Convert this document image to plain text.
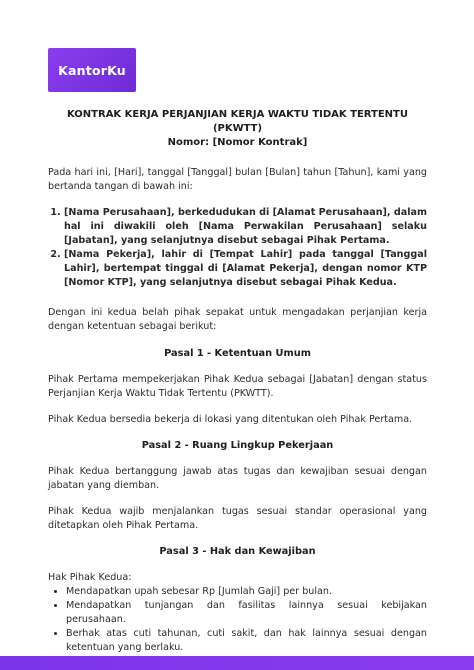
KantorKu
KONTRAK KERJA PERJANJIAN KERJA WAKTU TIDAK TERTENTU (PKWTT)
Nomor: [Nomor Kontrak]

Pada hari ini, [Hari], tanggal [Tanggal] bulan [Bulan] tahun [Tahun], kami yang bertanda tangan di bawah ini:

1. [Nama Perusahaan], berkedudukan di [Alamat Perusahaan], dalam hal ini diwakili oleh [Nama Perwakilan Perusahaan] selaku [Jabatan], yang selanjutnya disebut sebagai Pihak Pertama.
2. [Nama Pekerja], lahir di [Tempat Lahir] pada tanggal [Tanggal Lahir], bertempat tinggal di [Alamat Pekerja], dengan nomor KTP [Nomor KTP], yang selanjutnya disebut sebagai Pihak Kedua.

Dengan ini kedua belah pihak sepakat untuk mengadakan perjanjian kerja dengan ketentuan sebagai berikut:

Pasal 1 - Ketentuan Umum

Pihak Pertama mempekerjakan Pihak Kedua sebagai [Jabatan] dengan status Perjanjian Kerja Waktu Tidak Tertentu (PKWTT).

Pihak Kedua bersedia bekerja di lokasi yang ditentukan oleh Pihak Pertama.

Pasal 2 - Ruang Lingkup Pekerjaan

Pihak Kedua bertanggung jawab atas tugas dan kewajiban sesuai dengan jabatan yang diemban.

Pihak Kedua wajib menjalankan tugas sesuai standar operasional yang ditetapkan oleh Pihak Pertama.

Pasal 3 - Hak dan Kewajiban

Hak Pihak Kedua:

• Mendapatkan upah sebesar Rp [Jumlah Gaji] per bulan.
• Mendapatkan tunjangan dan fasilitas lainnya sesuai kebijakan perusahaan.
• Berhak atas cuti tahunan, cuti sakit, dan hak lainnya sesuai dengan ketentuan yang berlaku.
